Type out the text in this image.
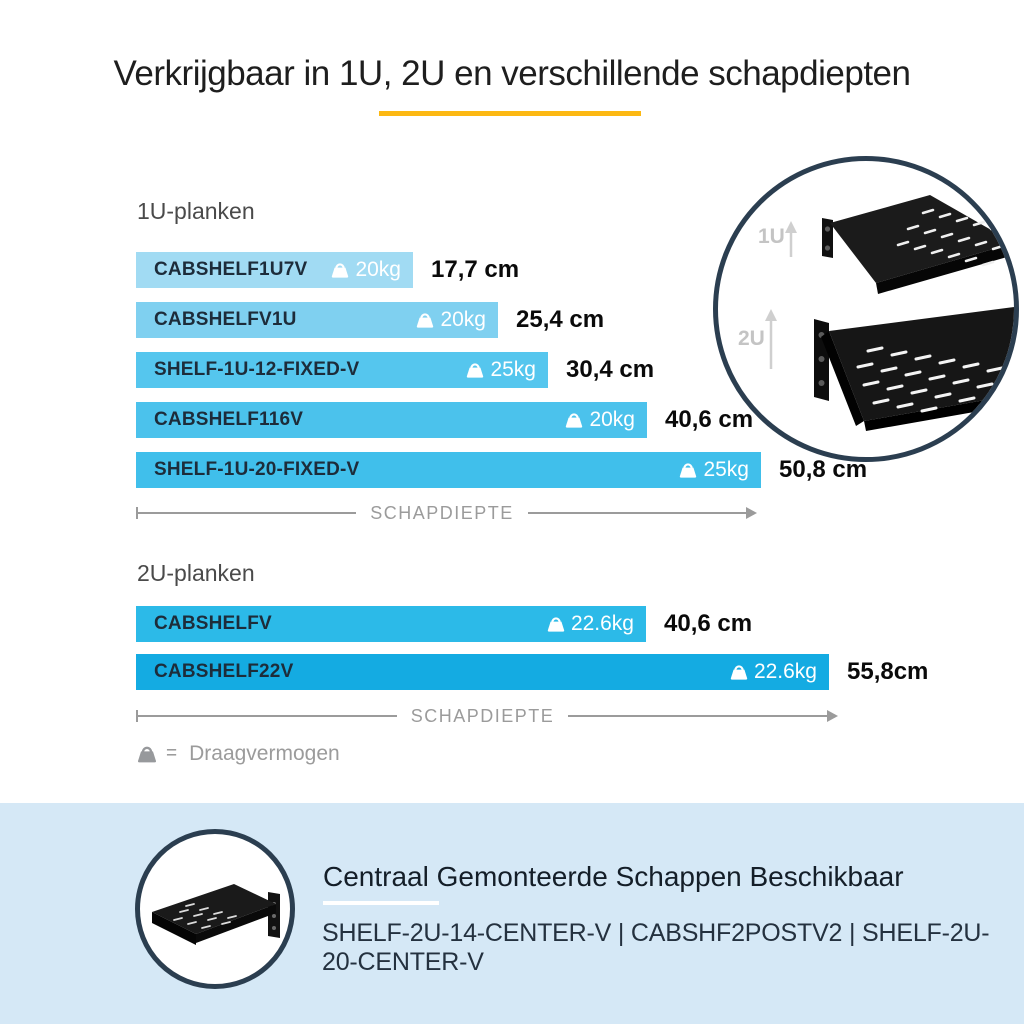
Verkrijgbaar in 1U, 2U en verschillende schapdiepten
1U
2U
1U-planken
CABSHELF1U7V 20kg 17,7 cm
CABSHELFV1U	20kg 25,4 cm
SHELF-1U-12-FIXED-V	25kg 30,4 cm
CABSHELF116V	20kg 40,6 cm
SHELF-1U-20-FIXED-V	25kg 50,8 cm
SCHAPDIEPTE
2U-planken
CABSHELFV	22.6kg 40,6 cm
CABSHELF22V	22.6kg 55,8cm
SCHAPDIEPTE
= Draagvermogen
Centraal Gemonteerde Schappen Beschikbaar
SHELF-2U-14-CENTER-V | CABSHF2POSTV2 | SHELF-2U-20-CENTER-V
